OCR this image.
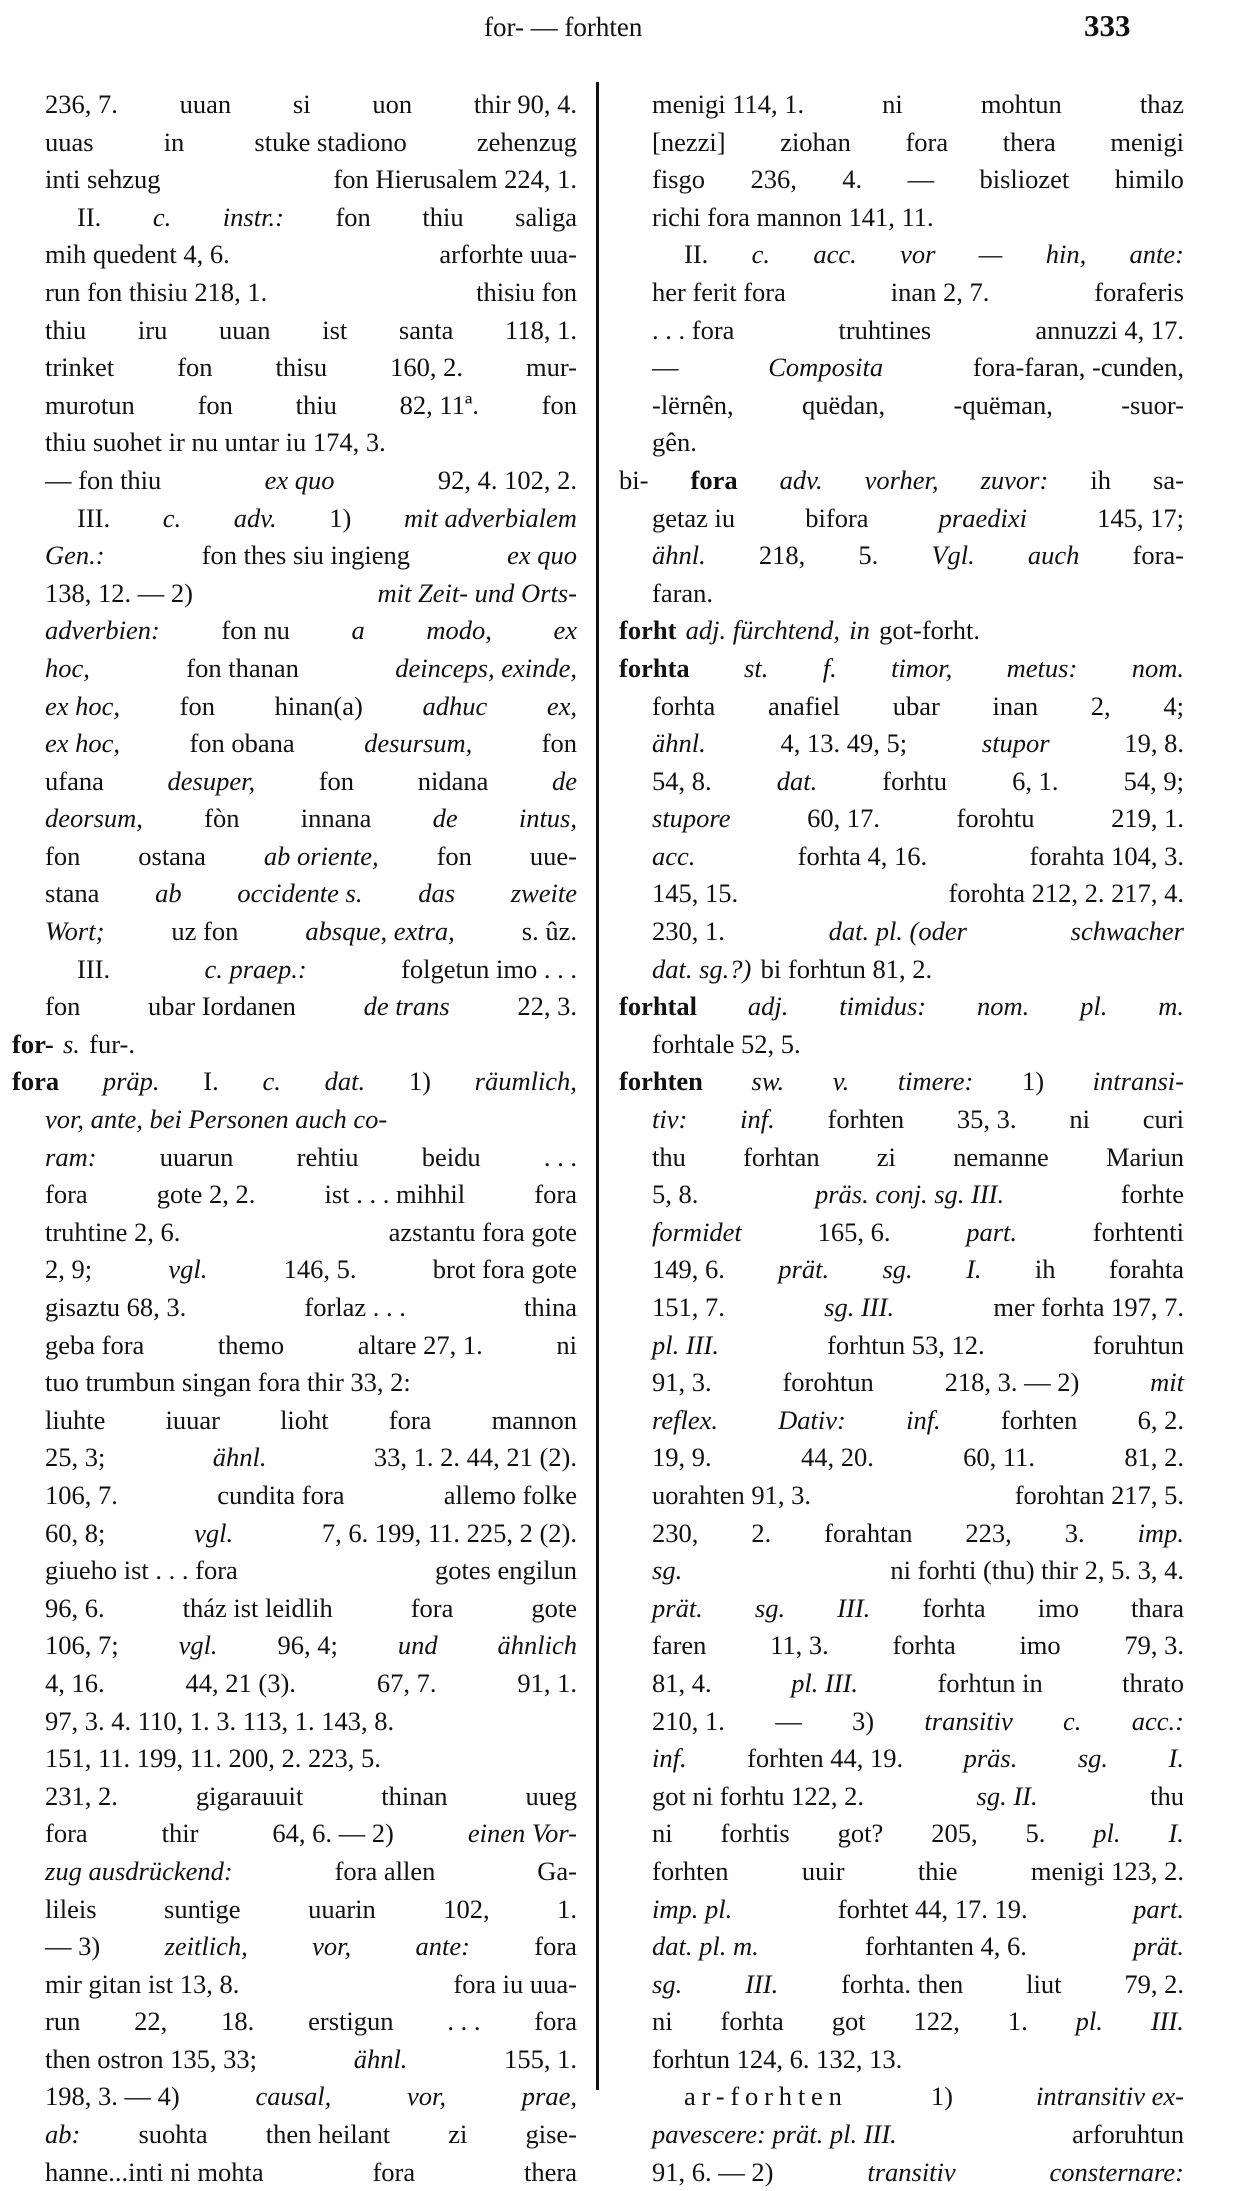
for- — forhten	333
236, 7. uuan si uon thir 90, 4.
uuas	in	stuke stadiono	zehenzug
inti sehzug	fon Hierusalem 224, 1.
II. c. instr.: fon thiu saliga
mih quedent 4, 6.	arforhte uua-
run fon thisiu 218, 1.	thisiu fon
thiu iru uuan ist santa 118, 1.
trinket fon thisu 160, 2. mur-
murotun fon thiu 82, 11ª. fon
thiu suohet ir nu untar iu 174, 3.
— fon thiu	ex quo	92, 4. 102, 2.
III. c. adv. 1) mit adverbialem
Gen.:	fon thes siu ingieng	ex quo
138, 12. — 2)	mit Zeit- und Orts-
adverbien: fon nu a modo, ex
hoc,	fon thanan	deinceps, exinde,
ex hoc, fon hinan(a) adhuc ex,
ex hoc,	fon obana	desursum,	fon
ufana desuper, fon nidana de
deorsum, fòn innana de intus,
fon ostana ab oriente, fon uue-
stana ab occidente s. das zweite
Wort;	uz fon	absque, extra,	s. ûz.
III.	c. praep.:	folgetun imo . . .
fon	ubar Iordanen	de trans	22, 3.
for- s. fur-.
fora präp. I. c. dat. 1) räumlich,
vor, ante, bei Personen auch co-
ram: uuarun rehtiu beidu . . .
fora	gote 2, 2.	ist . . . mihhil	fora
truhtine 2, 6.	azstantu fora gote
2, 9;	vgl.	146, 5.	brot fora gote
gisaztu 68, 3.	forlaz . . .	thina
geba fora	themo	altare 27, 1.	ni
tuo trumbun singan fora thir 33, 2:
liuhte iuuar lioht fora mannon
25, 3;	ähnl.	33, 1. 2. 44, 21 (2).
106, 7.	cundita fora	allemo folke
60, 8;	vgl.	7, 6. 199, 11. 225, 2 (2).
giueho ist . . . fora	gotes engilun
96, 6.	tház ist leidlih	fora	gote
106, 7; vgl. 96, 4; und ähnlich
4, 16.	44, 21 (3).	67, 7.	91, 1.
97, 3. 4. 110, 1. 3. 113, 1. 143, 8.
151, 11. 199, 11. 200, 2. 223, 5.
231, 2.	gigarauuit	thinan	uueg
fora	thir	64, 6. — 2)	einen Vor-
zug ausdrückend:	fora allen	Ga-
lileis	suntige	uuarin	102,	1.
— 3) zeitlich, vor, ante: fora
mir gitan ist 13, 8.	fora iu uua-
run 22, 18. erstigun . . . fora
then ostron 135, 33;	ähnl.	155, 1.
198, 3. — 4)	causal,	vor,	prae,
ab: suohta then heilant zi gise-
hanne...inti ni mohta	fora	thera
menigi 114, 1.	ni	mohtun	thaz
[nezzi] ziohan fora thera menigi
fisgo 236, 4. — bisliozet himilo
richi fora mannon 141, 11.
II. c. acc. vor — hin, ante:
her ferit fora	inan 2, 7.	foraferis
. . . fora	truhtines	annuzzi 4, 17.
—	Composita	fora-faran, -cunden,
-lërnên,	quëdan,	-quëman,	-suor-
gên.
bi- fora adv. vorher, zuvor: ih sa-
getaz iu	bifora	praedixi	145, 17;
ähnl. 218, 5. Vgl. auch fora-
faran.
forht adj. fürchtend, in got-forht.
forhta st. f. timor, metus: nom.
forhta anafiel ubar inan 2, 4;
ähnl.	4, 13. 49, 5;	stupor	19, 8.
54, 8. dat. forhtu 6, 1. 54, 9;
stupore	60, 17.	forohtu	219, 1.
acc.	forhta 4, 16.	forahta 104, 3.
145, 15.	forohta 212, 2. 217, 4.
230, 1.	dat. pl. (oder	schwacher
dat. sg.?) bi forhtun 81, 2.
forhtal adj. timidus: nom. pl. m.
forhtale 52, 5.
forhten sw. v. timere: 1) intransi-
tiv: inf. forhten 35, 3. ni curi
thu forhtan zi nemanne Mariun
5, 8.	präs. conj. sg. III.	forhte
formidet	165, 6.	part.	forhtenti
149, 6. prät. sg. I. ih forahta
151, 7.	sg. III.	mer forhta 197, 7.
pl. III.	forhtun 53, 12.	foruhtun
91, 3.	forohtun	218, 3. — 2)	mit
reflex. Dativ: inf. forhten 6, 2.
19, 9.	44, 20.	60, 11.	81, 2.
uorahten 91, 3.	forohtan 217, 5.
230, 2. forahtan 223, 3. imp.
sg.	ni forhti (thu) thir 2, 5. 3, 4.
prät. sg. III. forhta imo thara
faren 11, 3. forhta imo 79, 3.
81, 4.	pl. III.	forhtun in	thrato
210, 1. — 3) transitiv c. acc.:
inf. forhten 44, 19. präs. sg. I.
got ni forhtu 122, 2.	sg. II.	thu
ni forhtis got? 205, 5. pl. I.
forhten	uuir	thie	menigi 123, 2.
imp. pl.	forhtet 44, 17. 19.	part.
dat. pl. m.	forhtanten 4, 6.	prät.
sg. III. forhta. then liut 79, 2.
ni forhta got 122, 1. pl. III.
forhtun 124, 6. 132, 13.
ar-forhten	1)	intransitiv ex-
pavescere: prät. pl. III.	arforuhtun
91, 6. — 2)	transitiv	consternare:
